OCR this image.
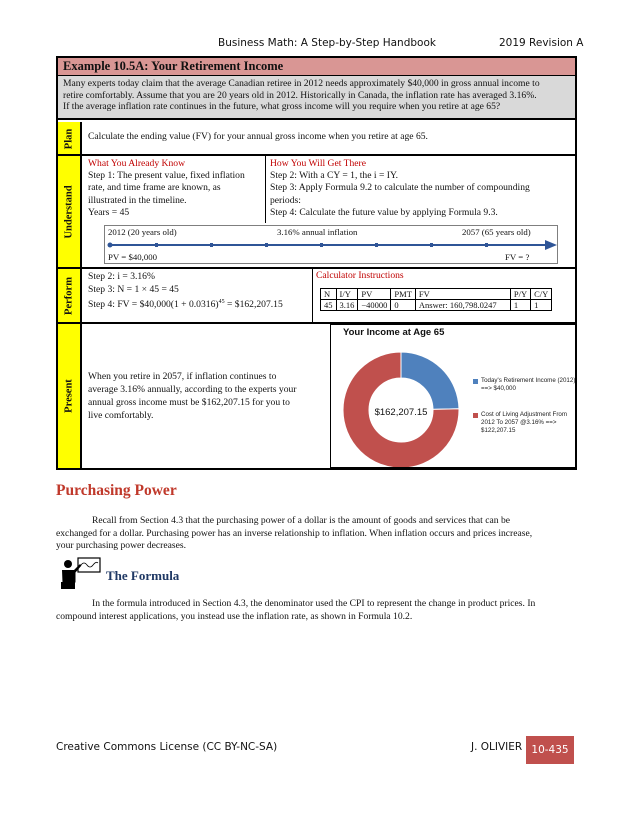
Business Math: A Step-by-Step Handbook	2019 Revision A
Example 10.5A: Your Retirement Income
Many experts today claim that the average Canadian retiree in 2012 needs approximately $40,000 in gross annual income to
retire comfortably. Assume that you are 20 years old in 2012. Historically in Canada, the inflation rate has averaged 3.16%.
If the average inflation rate continues in the future, what gross income will you require when you retire at age 65?
Plan Calculate the ending value (FV) for your annual gross income when you retire at age 65.
Understand
What You Already Know
Step 1: The present value, fixed inflation
rate, and time frame are known, as
illustrated in the timeline.
Years = 45
How You Will Get There
Step 2: With a CY = 1, the i = IY.
Step 3: Apply Formula 9.2 to calculate the number of compounding
periods:
Step 4: Calculate the future value by applying Formula 9.3.
2012 (20 years old)	3.16% annual inflation	2057 (65 years old)
PV = $40,000	FV = ?
Perform
Step 2: i = 3.16%
Step 3: N = 1 × 45 = 45
Step 4: FV = $40,000(1 + 0.0316)$^{45}$ = $162,207.15
Calculator Instructions
N	I/Y	PV	PMT	FV	P/Y	C/Y
45	3.16	−40000	0	Answer: 160,798.0247	1	1
Present
When you retire in 2057, if inflation continues to
average 3.16% annually, according to the experts your
annual gross income must be $162,207.15 for you to
live comfortably.
Your Income at Age 65
$162,207.15
Today's Retirement Income (2012)
==> $40,000
Cost of Living Adjustment From
2012 To 2057 @3.16% ==>
$122,207.15
Purchasing Power
Recall from Section 4.3 that the purchasing power of a dollar is the amount of goods and services that can be
exchanged for a dollar. Purchasing power has an inverse relationship to inflation. When inflation occurs and prices increase,
your purchasing power decreases.
The Formula
In the formula introduced in Section 4.3, the denominator used the CPI to represent the change in product prices. In
compound interest applications, you instead use the inflation rate, as shown in Formula 10.2.
Creative Commons License (CC BY-NC-SA)	J. OLIVIER 10-435
